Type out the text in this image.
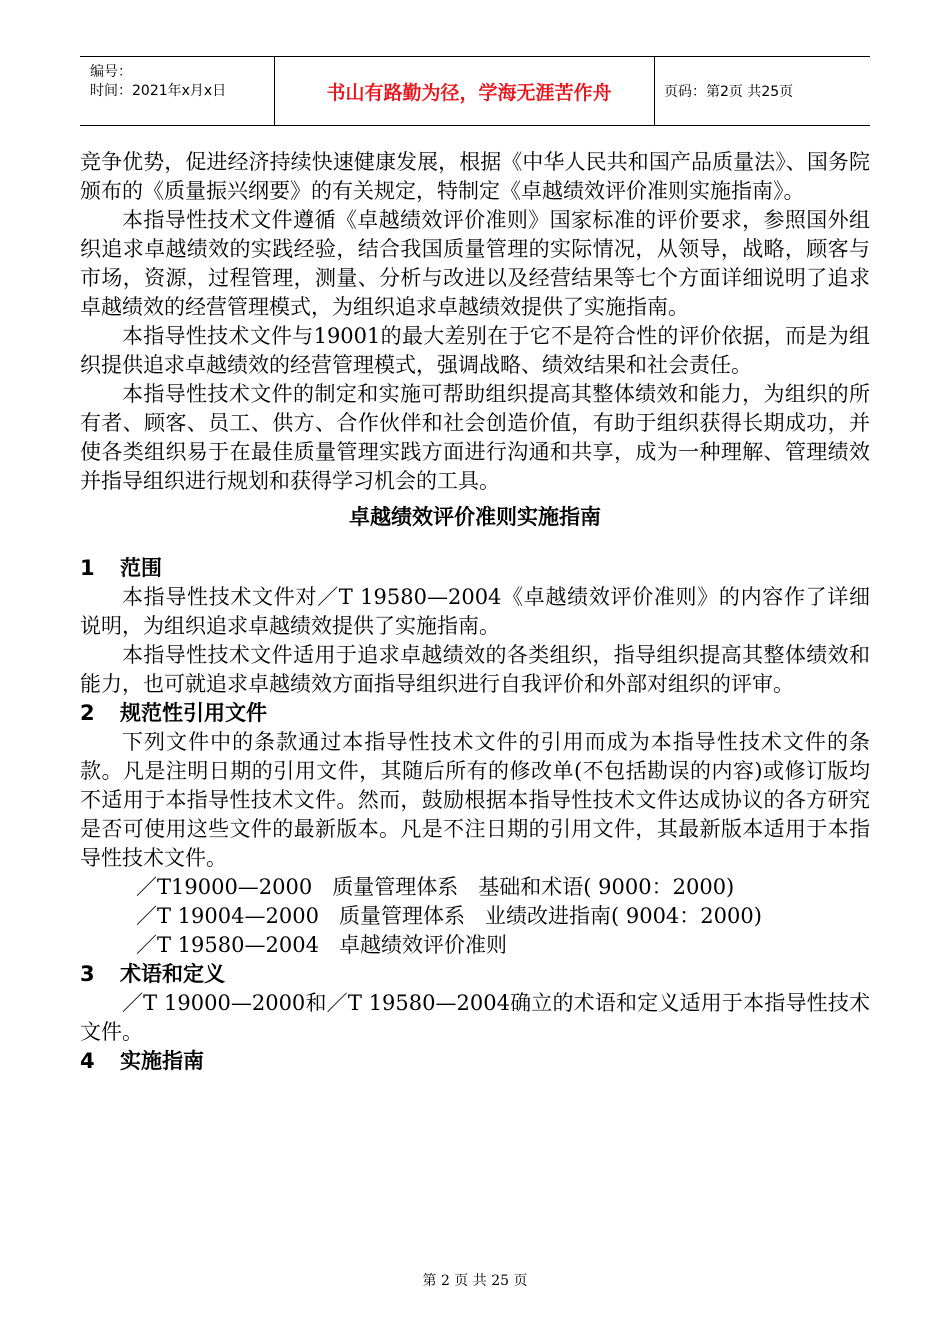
编号：
时间：2021年x月x日	书山有路勤为径，学海无涯苦作舟	页码：第2页 共25页

竞争优势，促进经济持续快速健康发展，根据《中华人民共和国产品质量法》、国务院颁布的《质量振兴纲要》的有关规定，特制定《卓越绩效评价准则实施指南》。

本指导性技术文件遵循《卓越绩效评价准则》国家标准的评价要求，参照国外组织追求卓越绩效的实践经验，结合我国质量管理的实际情况，从领导，战略，顾客与市场，资源，过程管理，测量、分析与改进以及经营结果等七个方面详细说明了追求卓越绩效的经营管理模式，为组织追求卓越绩效提供了实施指南。

本指导性技术文件与19001的最大差别在于它不是符合性的评价依据，而是为组织提供追求卓越绩效的经营管理模式，强调战略、绩效结果和社会责任。

本指导性技术文件的制定和实施可帮助组织提高其整体绩效和能力，为组织的所有者、顾客、员工、供方、合作伙伴和社会创造价值，有助于组织获得长期成功，并使各类组织易于在最佳质量管理实践方面进行沟通和共享，成为一种理解、管理绩效并指导组织进行规划和获得学习机会的工具。

卓越绩效评价准则实施指南

1 范围

本指导性技术文件对／T 19580—2004《卓越绩效评价准则》的内容作了详细说明，为组织追求卓越绩效提供了实施指南。

本指导性技术文件适用于追求卓越绩效的各类组织，指导组织提高其整体绩效和能力，也可就追求卓越绩效方面指导组织进行自我评价和外部对组织的评审。

2 规范性引用文件

下列文件中的条款通过本指导性技术文件的引用而成为本指导性技术文件的条款。凡是注明日期的引用文件，其随后所有的修改单(不包括勘误的内容)或修订版均不适用于本指导性技术文件。然而，鼓励根据本指导性技术文件达成协议的各方研究是否可使用这些文件的最新版本。凡是不注日期的引用文件，其最新版本适用于本指导性技术文件。

／T19000—2000   质量管理体系   基础和术语( 9000：2000)

／T 19004—2000   质量管理体系   业绩改进指南( 9004：2000)

／T 19580—2004   卓越绩效评价准则

3 术语和定义

／T 19000—2000和／T 19580—2004确立的术语和定义适用于本指导性技术文件。

4 实施指南

第 2 页 共 25 页
